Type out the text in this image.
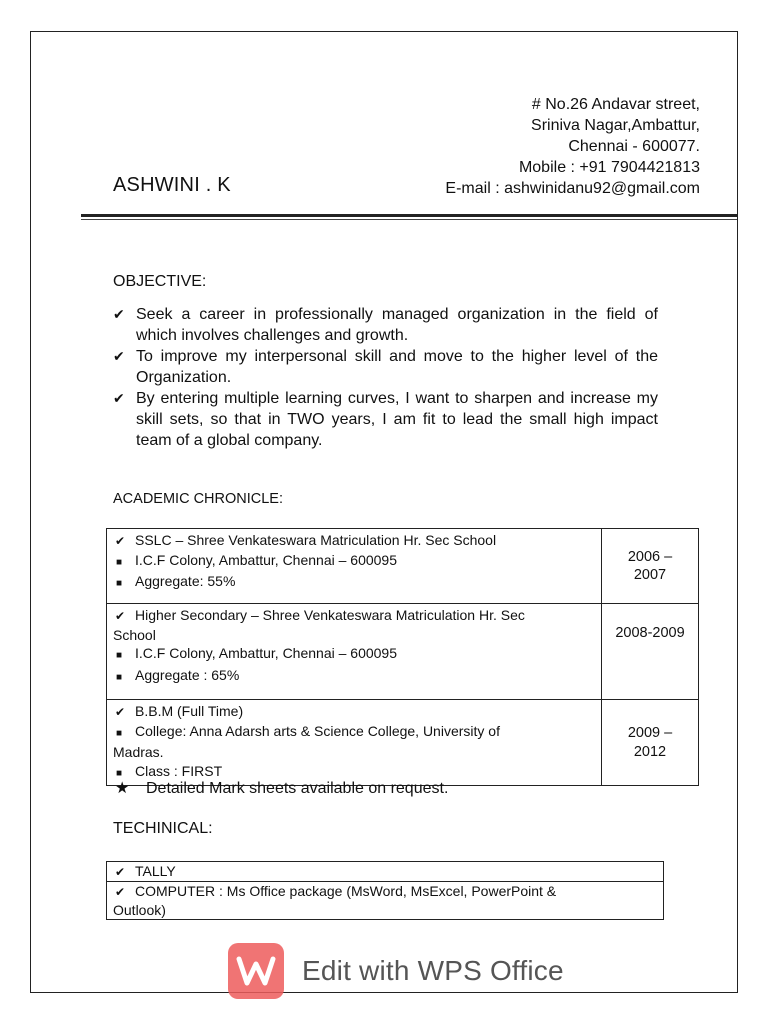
# No.26 Andavar street,
Sriniva Nagar,Ambattur,
Chennai - 600077.
Mobile : +91 7904421813
E-mail : ashwinidanu92@gmail.com
ASHWINI . K
OBJECTIVE:
✔ Seek a career in professionally managed organization in the field of which involves challenges and growth.
✔ To improve my interpersonal skill and move to the higher level of the Organization.
✔ By entering multiple learning curves, I want to sharpen and increase my skill sets, so that in TWO years, I am fit to lead the small high impact team of a global company.
ACADEMIC CHRONICLE:
✔ SSLC – Shree Venkateswara Matriculation Hr. Sec School
■ I.C.F Colony, Ambattur, Chennai – 600095
■ Aggregate: 55%	2006 –
2007

✔ Higher Secondary – Shree Venkateswara Matriculation Hr. Sec
School
■ I.C.F Colony, Ambattur, Chennai – 600095
■ Aggregate : 65%	2008-2009

✔ B.B.M (Full Time)
■ College: Anna Adarsh arts & Science College, University of
Madras.
■ Class : FIRST	2009 –
2012
★ Detailed Mark sheets available on request.
TECHINICAL:
✔ TALLY

✔ COMPUTER : Ms Office package (MsWord, MsExcel, PowerPoint &
Outlook)
Edit with WPS Office
